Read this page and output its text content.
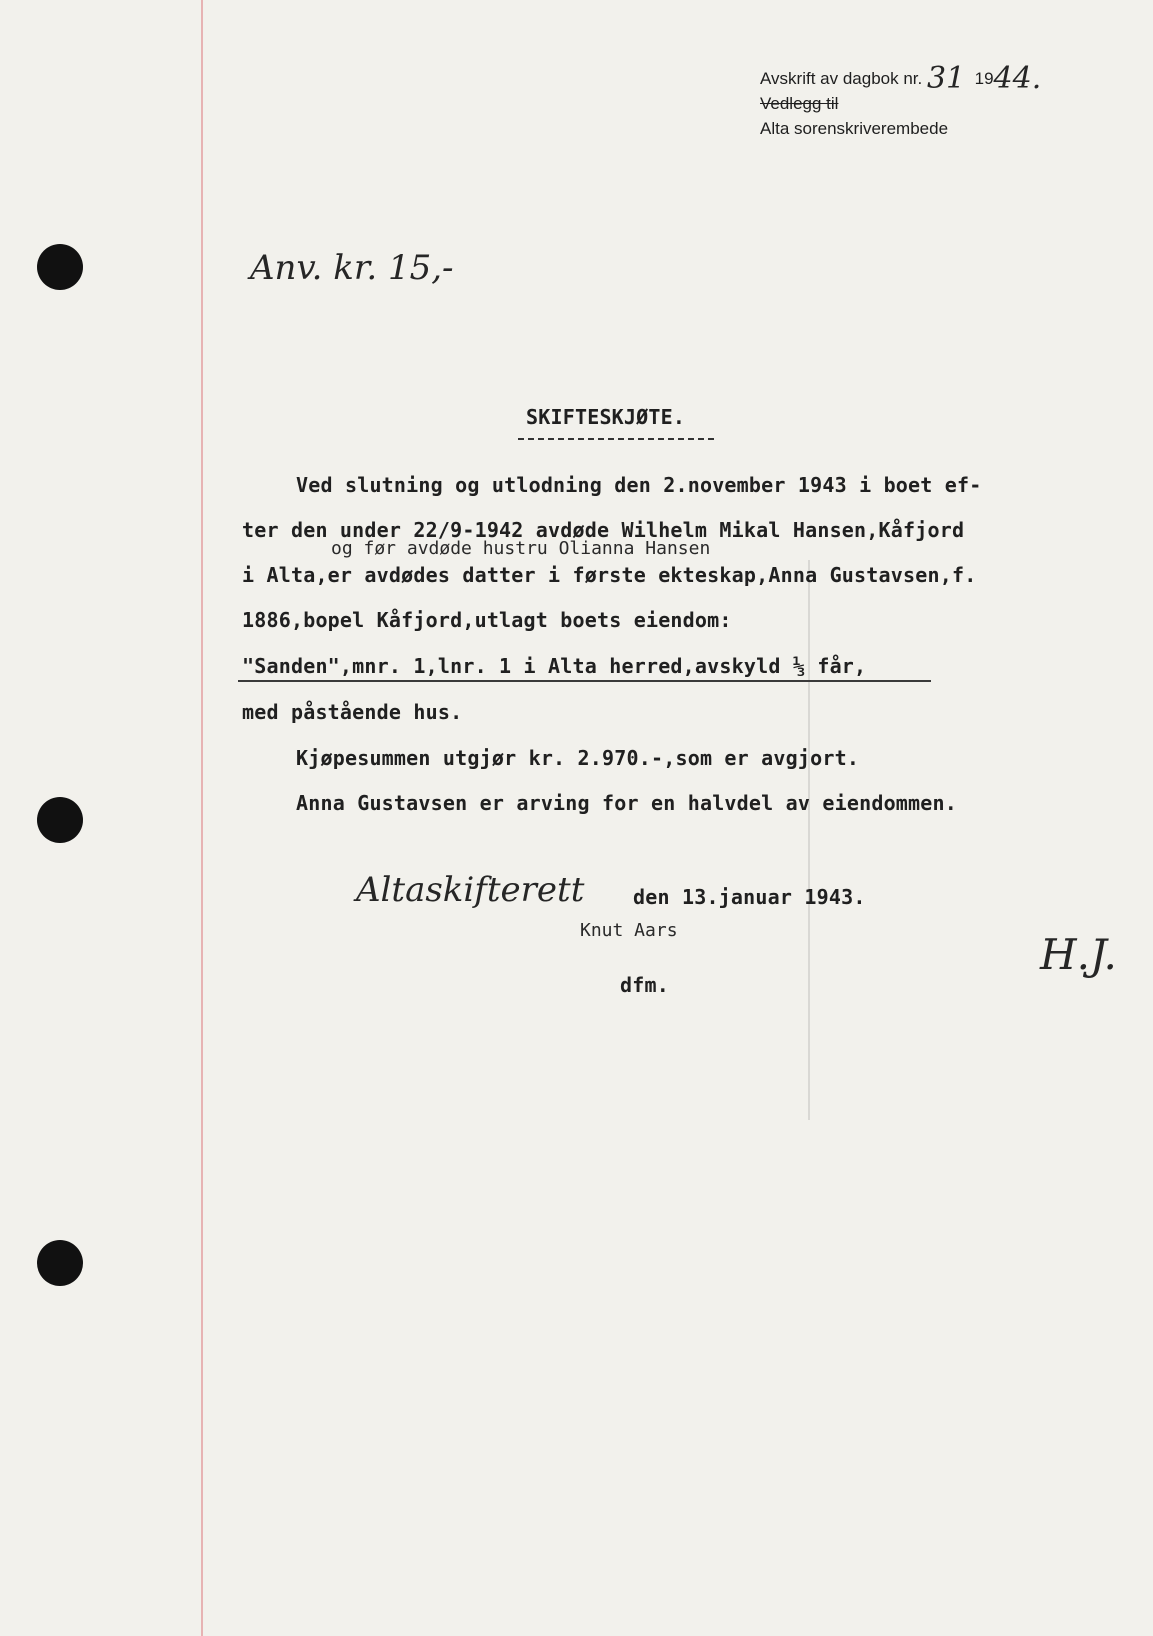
Avskrift av dagbok nr. 31 1944.
Vedlegg til
Alta sorenskriverembede
Anv. kr. 15,-
SKIFTESKJØTE.
Ved slutning og utlodning den 2.november 1943 i boet ef-
ter den under 22/9-1942 avdøde Wilhelm Mikal Hansen,Kåfjord
og før avdøde hustru Olianna Hansen
i Alta,er avdødes datter i første ekteskap,Anna Gustavsen,f.
1886,bopel Kåfjord,utlagt boets eiendom:
"Sanden",mnr. 1,lnr. 1 i Alta herred,avskyld ⅓ får,
med påstående hus.
Kjøpesummen utgjør kr. 2.970.-,som er avgjort.
Anna Gustavsen er arving for en halvdel av eiendommen.
Altaskifterett den 13.januar 1943.
Knut Aars	H.J.
dfm.
